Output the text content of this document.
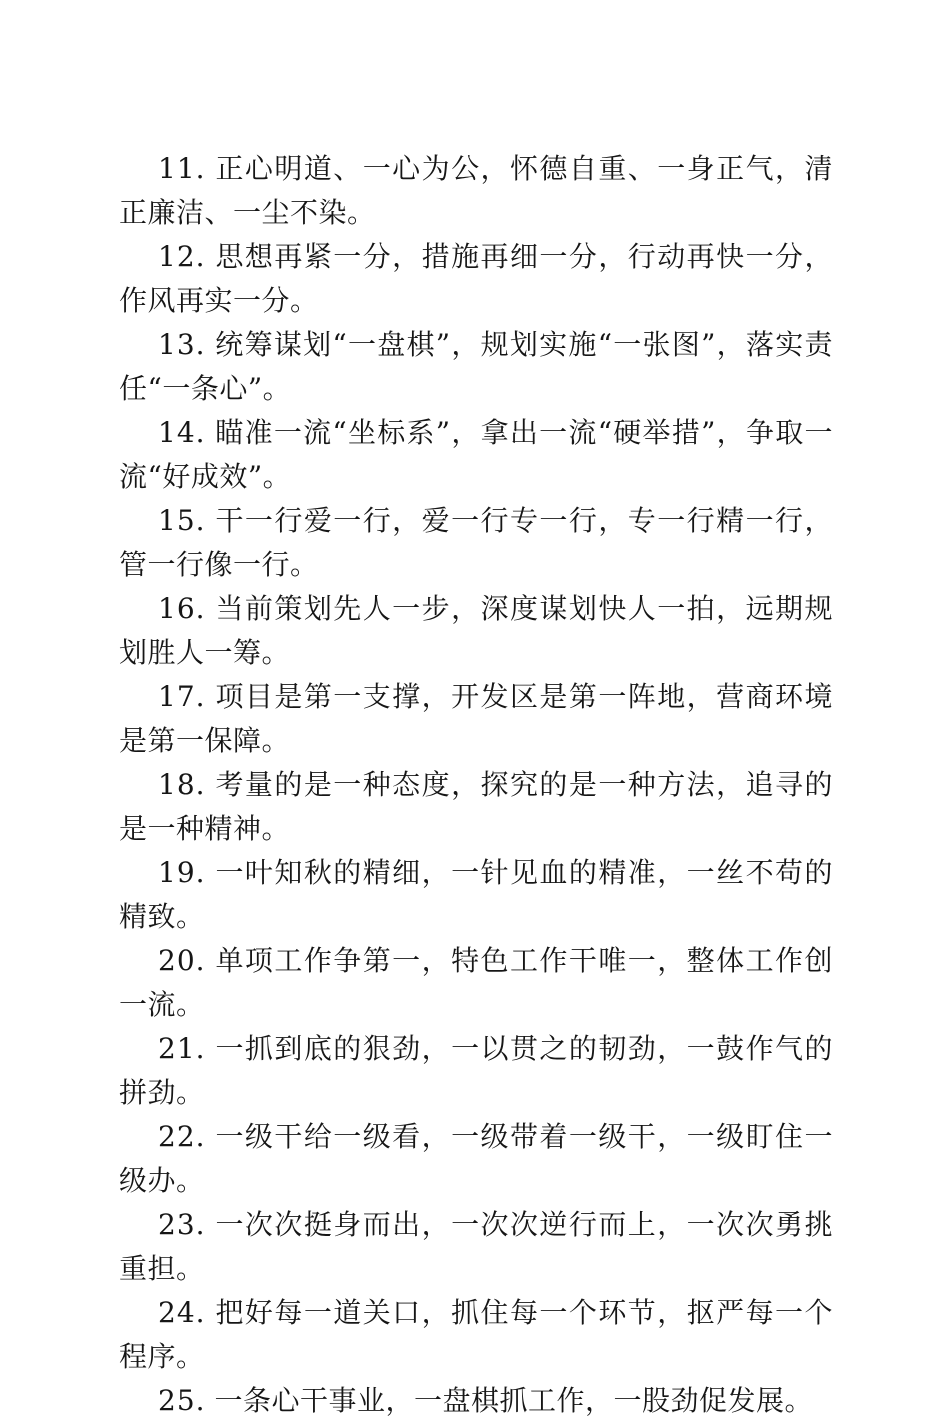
11. 正心明道、一心为公，怀德自重、一身正气，清正廉洁、一尘不染。

12. 思想再紧一分，措施再细一分，行动再快一分，作风再实一分。

13. 统筹谋划“一盘棋”，规划实施“一张图”，落实责任“一条心”。

14. 瞄准一流“坐标系”，拿出一流“硬举措”，争取一流“好成效”。

15. 干一行爱一行，爱一行专一行，专一行精一行，管一行像一行。

16. 当前策划先人一步，深度谋划快人一拍，远期规划胜人一筹。

17. 项目是第一支撑，开发区是第一阵地，营商环境是第一保障。

18. 考量的是一种态度，探究的是一种方法，追寻的是一种精神。

19. 一叶知秋的精细，一针见血的精准，一丝不苟的精致。

20. 单项工作争第一，特色工作干唯一，整体工作创一流。

21. 一抓到底的狠劲，一以贯之的韧劲，一鼓作气的拼劲。

22. 一级干给一级看，一级带着一级干，一级盯住一级办。

23. 一次次挺身而出，一次次逆行而上，一次次勇挑重担。

24. 把好每一道关口，抓住每一个环节，抠严每一个程序。

25. 一条心干事业，一盘棋抓工作，一股劲促发展。
